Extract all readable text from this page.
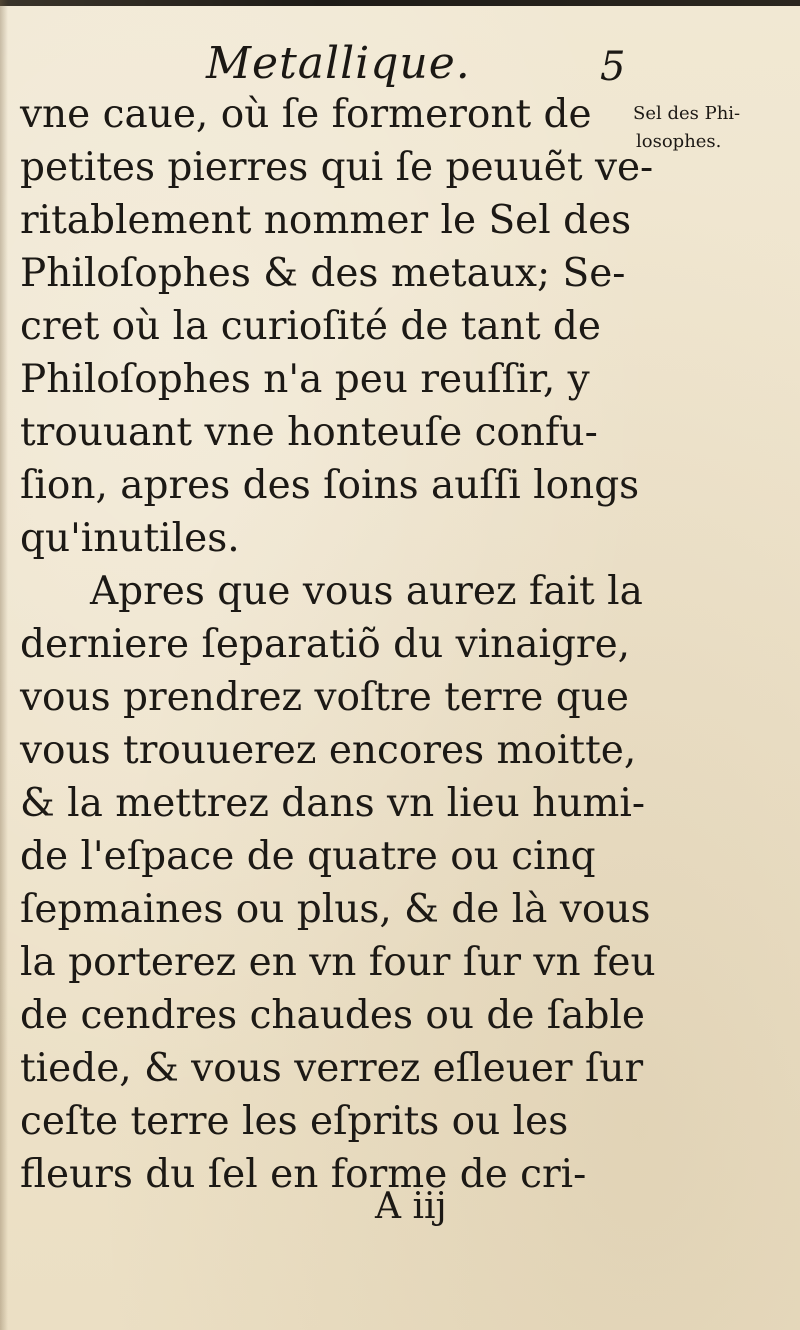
Metallique.	5
Sel des Phi-
losophes.
vne caue, où ſe formeront de
petites pierres qui ſe peuuẽt ve-
ritablement nommer le Sel des
Philoſophes & des metaux; Se-
cret où la curioſité de tant de
Philoſophes n'a peu reuſſir, y
trouuant vne honteuſe confu-
ſion, apres des ſoins auſſi longs
qu'inutiles.
Apres que vous aurez fait la
derniere ſeparatiõ du vinaigre,
vous prendrez voſtre terre que
vous trouuerez encores moitte,
& la mettrez dans vn lieu humi-
de l'eſpace de quatre ou cinq
ſepmaines ou plus, & de là vous
la porterez en vn four ſur vn feu
de cendres chaudes ou de ſable
tiede, & vous verrez eſleuer ſur
ceſte terre les eſprits ou les
fleurs du ſel en forme de cri-
A iij
